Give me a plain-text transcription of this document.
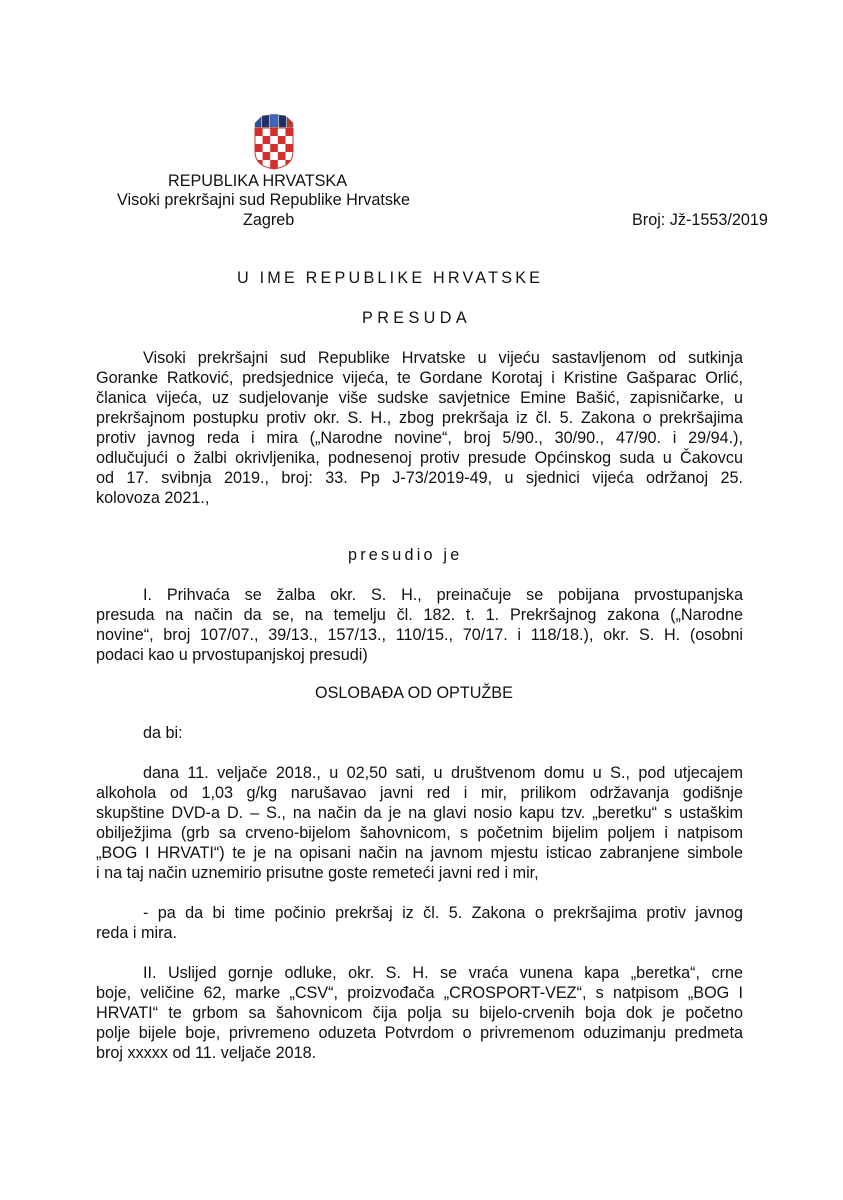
REPUBLIKA HRVATSKA
Visoki prekršajni sud Republike Hrvatske
Zagreb	Broj: Jž-1553/2019
U IME REPUBLIKE HRVATSKE
PRESUDA
Visoki prekršajni sud Republike Hrvatske u vijeću sastavljenom od sutkinja
Goranke Ratković, predsjednice vijeća, te Gordane Korotaj i Kristine Gašparac Orlić,
članica vijeća, uz sudjelovanje više sudske savjetnice Emine Bašić, zapisničarke, u
prekršajnom postupku protiv okr. S. H., zbog prekršaja iz čl. 5. Zakona o prekršajima
protiv javnog reda i mira („Narodne novine“, broj 5/90., 30/90., 47/90. i 29/94.),
odlučujući o žalbi okrivljenika, podnesenoj protiv presude Općinskog suda u Čakovcu
od 17. svibnja 2019., broj: 33. Pp J-73/2019-49, u sjednici vijeća održanoj 25.
kolovoza 2021.,
presudio je
I. Prihvaća se žalba okr. S. H., preinačuje se pobijana prvostupanjska
presuda na način da se, na temelju čl. 182. t. 1. Prekršajnog zakona („Narodne
novine“, broj 107/07., 39/13., 157/13., 110/15., 70/17. i 118/18.), okr. S. H. (osobni
podaci kao u prvostupanjskoj presudi)
OSLOBAĐA OD OPTUŽBE
da bi:
dana 11. veljače 2018., u 02,50 sati, u društvenom domu u S., pod utjecajem
alkohola od 1,03 g/kg narušavao javni red i mir, prilikom održavanja godišnje
skupštine DVD-a D. – S., na način da je na glavi nosio kapu tzv. „beretku“ s ustaškim
obilježjima (grb sa crveno-bijelom šahovnicom, s početnim bijelim poljem i natpisom
„BOG I HRVATI“) te je na opisani način na javnom mjestu isticao zabranjene simbole
i na taj način uznemirio prisutne goste remeteći javni red i mir,
- pa da bi time počinio prekršaj iz čl. 5. Zakona o prekršajima protiv javnog
reda i mira.
II. Uslijed gornje odluke, okr. S. H. se vraća vunena kapa „beretka“, crne
boje, veličine 62, marke „CSV“, proizvođača „CROSPORT-VEZ“, s natpisom „BOG I
HRVATI“ te grbom sa šahovnicom čija polja su bijelo-crvenih boja dok je početno
polje bijele boje, privremeno oduzeta Potvrdom o privremenom oduzimanju predmeta
broj xxxxx od 11. veljače 2018.
